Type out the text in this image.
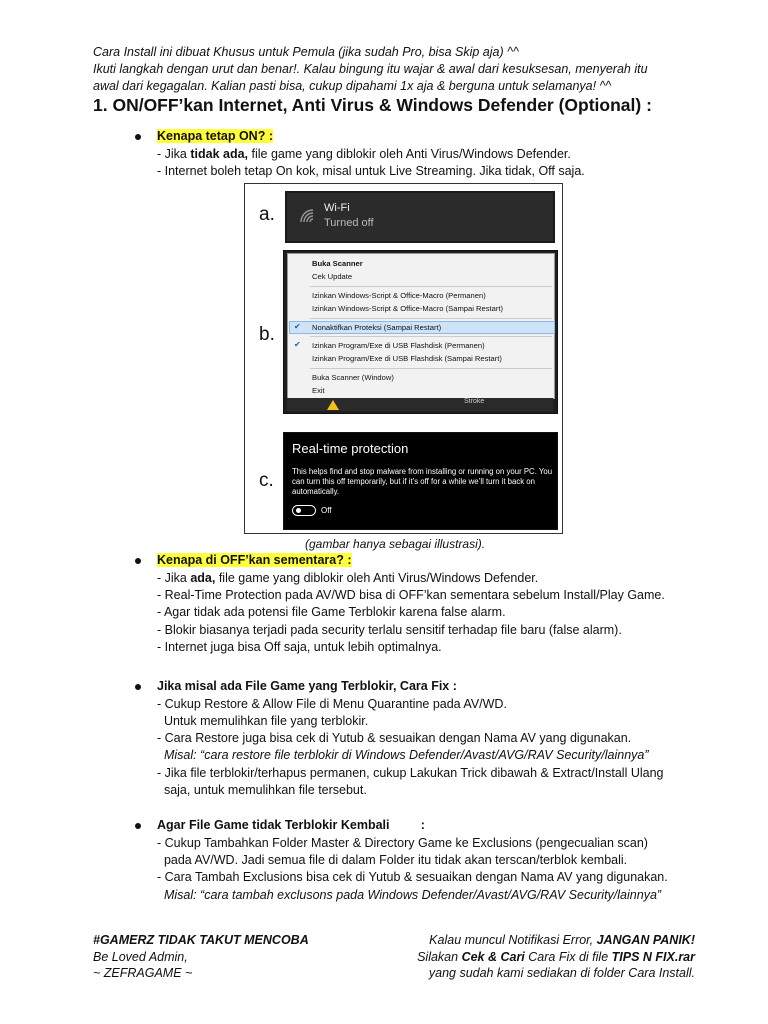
Cara Install ini dibuat Khusus untuk Pemula (jika sudah Pro, bisa Skip aja) ^^
Ikuti langkah dengan urut dan benar!. Kalau bingung itu wajar & awal dari kesuksesan, menyerah itu
awal dari kegagalan. Kalian pasti bisa, cukup dipahami 1x aja & berguna untuk selamanya! ^^
1. ON/OFF’kan Internet, Anti Virus & Windows Defender (Optional) :
Kenapa tetap ON? :
- Jika tidak ada, file game yang diblokir oleh Anti Virus/Windows Defender.
- Internet boleh tetap On kok, misal untuk Live Streaming. Jika tidak, Off saja.
a.	Wi-Fi
Turned off
b.
Buka Scanner
Cek Update
Izinkan Windows-Script & Office-Macro (Permanen)
Izinkan Windows-Script & Office-Macro (Sampai Restart)
✔ Nonaktifkan Proteksi (Sampai Restart)
✔ Izinkan Program/Exe di USB Flashdisk (Permanen)
Izinkan Program/Exe di USB Flashdisk (Sampai Restart)
Buka Scanner (Window)
Exit
Stroke
c.
Real-time protection
This helps find and stop malware from installing or running on your PC. You can turn this off temporarily, but if it’s off for a while we’ll turn it back on automatically.
Off
(gambar hanya sebagai illustrasi).
Kenapa di OFF’kan sementara? :
- Jika ada, file game yang diblokir oleh Anti Virus/Windows Defender.
- Real-Time Protection pada AV/WD bisa di OFF’kan sementara sebelum Install/Play Game.
- Agar tidak ada potensi file Game Terblokir karena false alarm.
- Blokir biasanya terjadi pada security terlalu sensitif terhadap file baru (false alarm).
- Internet juga bisa Off saja, untuk lebih optimalnya.
Jika misal ada File Game yang Terblokir, Cara Fix :
- Cukup Restore & Allow File di Menu Quarantine pada AV/WD.
Untuk memulihkan file yang terblokir.
- Cara Restore juga bisa cek di Yutub & sesuaikan dengan Nama AV yang digunakan.
Misal: “cara restore file terblokir di Windows Defender/Avast/AVG/RAV Security/lainnya”
- Jika file terblokir/terhapus permanen, cukup Lakukan Trick dibawah & Extract/Install Ulang
saja, untuk memulihkan file tersebut.
Agar File Game tidak Terblokir Kembali         :
- Cukup Tambahkan Folder Master & Directory Game ke Exclusions (pengecualian scan)
pada AV/WD. Jadi semua file di dalam Folder itu tidak akan terscan/terblok kembali.
- Cara Tambah Exclusions bisa cek di Yutub & sesuaikan dengan Nama AV yang digunakan.
Misal: “cara tambah exclusons pada Windows Defender/Avast/AVG/RAV Security/lainnya”
#GAMERZ TIDAK TAKUT MENCOBA
Be Loved Admin,
~ ZEFRAGAME ~
Kalau muncul Notifikasi Error, JANGAN PANIK!
Silakan Cek & Cari Cara Fix di file TIPS N FIX.rar
yang sudah kami sediakan di folder Cara Install.
